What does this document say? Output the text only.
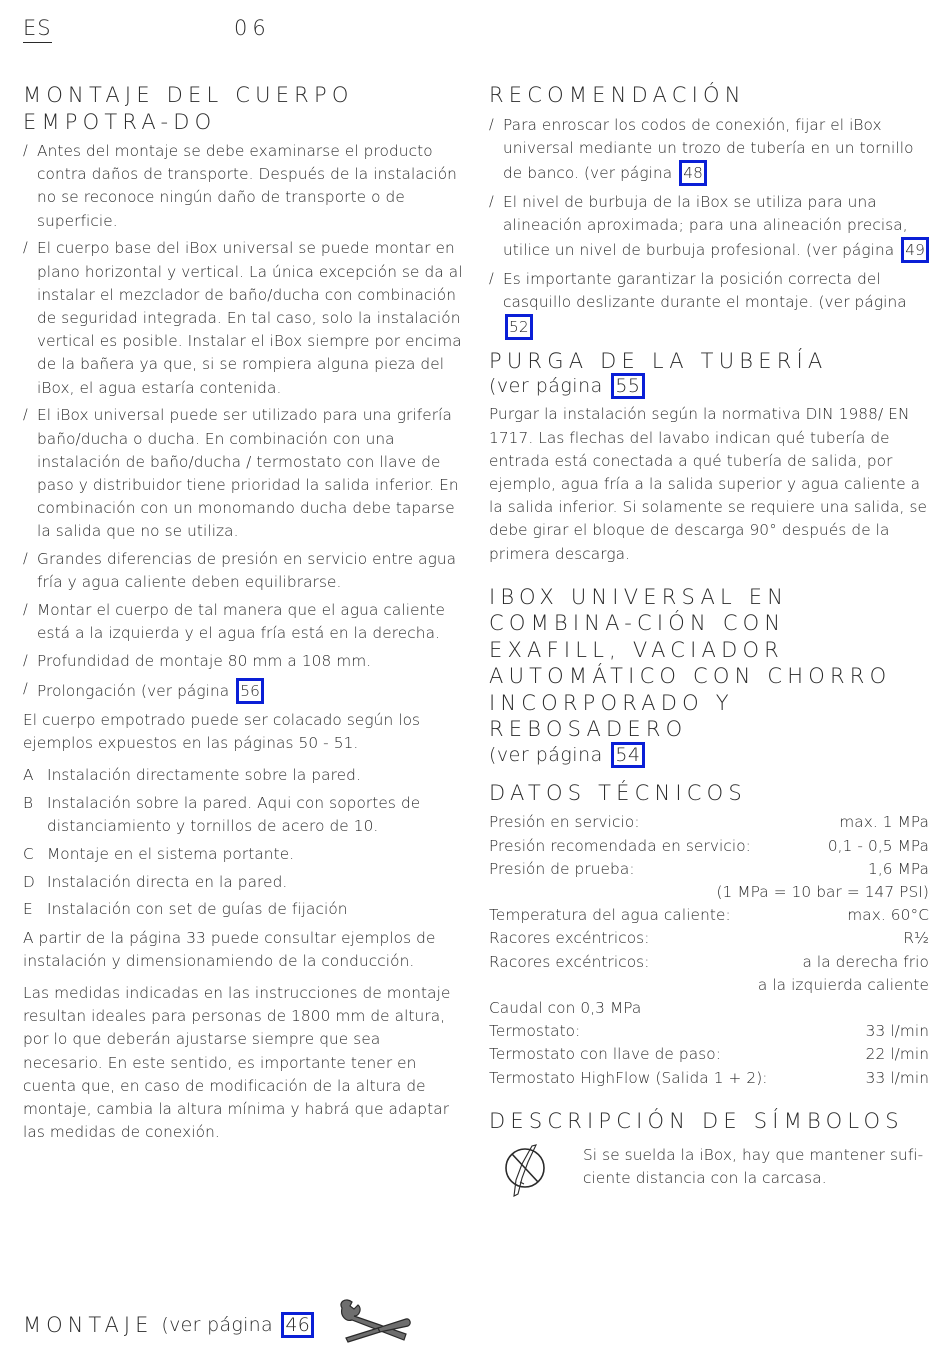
ES	06
MONTAJE DEL CUERPO EMPOTRA-DO
/ Antes del montaje se debe examinarse el producto contra daños de transporte. Después de la instalación no se reconoce ningún daño de transporte o de superficie.
/ El cuerpo base del iBox universal se puede montar en plano horizontal y vertical. La única excepción se da al instalar el mezclador de baño/ducha con combinación de seguridad integrada. En tal caso, solo la instalación vertical es posible. Instalar el iBox siempre por encima de la bañera ya que, si se rompiera alguna pieza del iBox, el agua estaría contenida.
/ El iBox universal puede ser utilizado para una grifería baño/ducha o ducha. En combinación con una instalación de baño/ducha / termostato con llave de paso y distribuidor tiene prioridad la salida inferior. En combinación con un monomando ducha debe taparse la salida que no se utiliza.
/ Grandes diferencias de presión en servicio entre agua fría y agua caliente deben equilibrarse.
/ Montar el cuerpo de tal manera que el agua caliente está a la izquierda y el agua fría está en la derecha.
/ Profundidad de montaje 80 mm a 108 mm.
/ Prolongación (ver página 56

El cuerpo empotrado puede ser colacado según los ejemplos expuestos en las páginas 50 - 51.

A Instalación directamente sobre la pared.
B Instalación sobre la pared. Aqui con soportes de distanciamiento y tornillos de acero de 10.
C Montaje en el sistema portante.
D Instalación directa en la pared.
E Instalación con set de guías de fijación

A partir de la página 33 puede consultar ejemplos de instalación y dimensionamiendo de la conducción.

Las medidas indicadas en las instrucciones de montaje resultan ideales para personas de 1800 mm de altura, por lo que deberán ajustarse siempre que sea necesario. En este sentido, es importante tener en cuenta que, en caso de modificación de la altura de montaje, cambia la altura mínima y habrá que adaptar las medidas de conexión.

RECOMENDACIÓN
/ Para enroscar los codos de conexión, fijar el iBox universal mediante un trozo de tubería en un tornillo de banco. (ver página 48
/ El nivel de burbuja de la iBox se utiliza para una alineación aproximada; para una alineación precisa, utilice un nivel de burbuja profesional. (ver página 49
/ Es importante garantizar la posición correcta del casquillo deslizante durante el montaje. (ver página 52
PURGA DE LA TUBERÍA
(ver página 55

Purgar la instalación según la normativa DIN 1988/ EN 1717. Las flechas del lavabo indican qué tubería de entrada está conectada a qué tubería de salida, por ejemplo, agua fría a la salida superior y agua caliente a la salida inferior. Si solamente se requiere una salida, se debe girar el bloque de descarga 90° después de la primera descarga.

IBOX UNIVERSAL EN COMBINA-CIÓN CON EXAFILL, VACIADOR AUTOMÁTICO CON CHORRO INCORPORADO Y REBOSADERO
(ver página 54
DATOS TÉCNICOS
Presión en servicio:	max. 1 MPa
Presión recomendada en servicio:	0,1 - 0,5 MPa
Presión de prueba:	1,6 MPa
(1 MPa = 10 bar = 147 PSI)
Temperatura del agua caliente:	max. 60°C
Racores excéntricos:	R½
Racores excéntricos:	a la derecha frio
a la izquierda caliente
Caudal con 0,3 MPa
Termostato:	33 l/min
Termostato con llave de paso:	22 l/min
Termostato HighFlow (Salida 1 + 2):	33 l/min
DESCRIPCIÓN DE SÍMBOLOS
Si se suelda la iBox, hay que mantener sufi-ciente distancia con la carcasa.
MONTAJE (ver página 46
